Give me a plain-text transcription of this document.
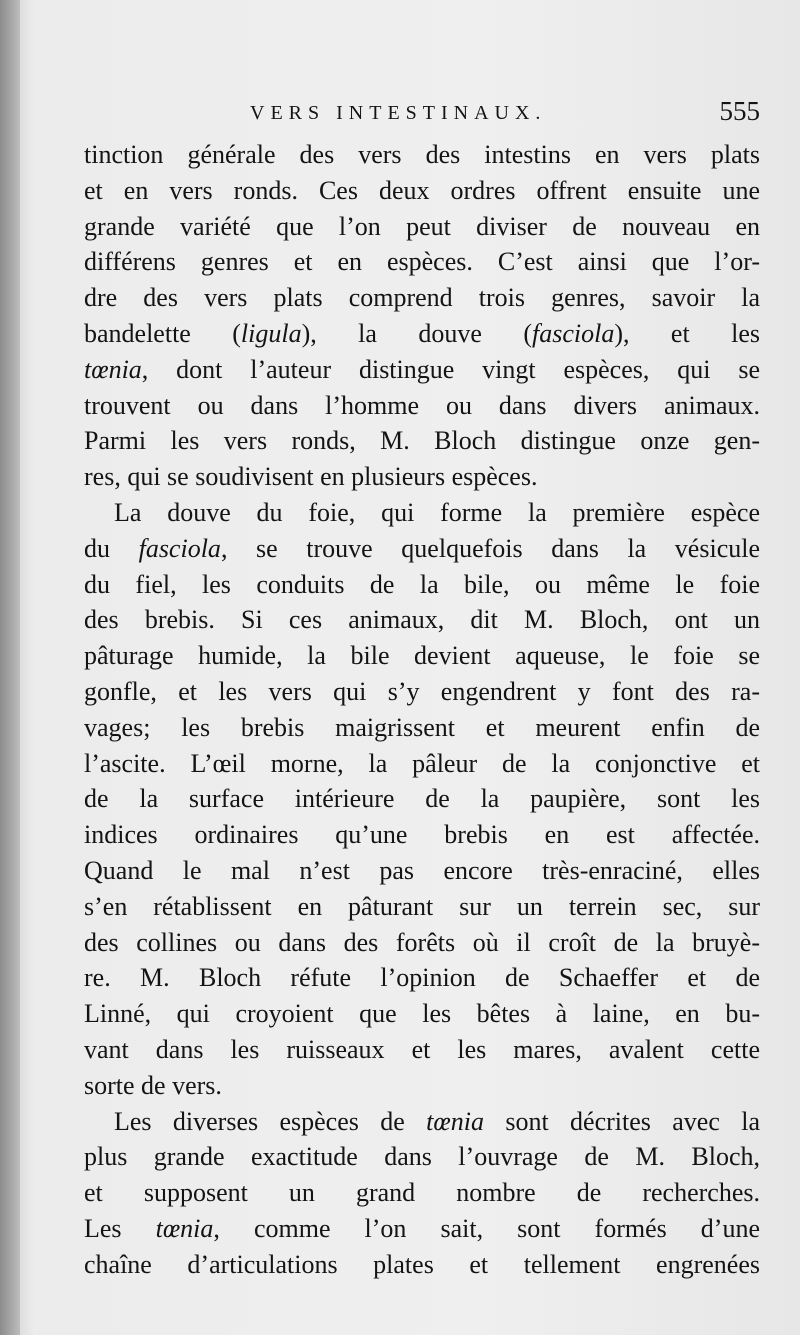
VERS INTESTINAUX.	555
tinction générale des vers des intestins en vers plats
et en vers ronds. Ces deux ordres offrent ensuite une
grande variété que l’on peut diviser de nouveau en
différens genres et en espèces. C’est ainsi que l’or-
dre des vers plats comprend trois genres, savoir la
bandelette (ligula), la douve (fasciola), et les
tœnia, dont l’auteur distingue vingt espèces, qui se
trouvent ou dans l’homme ou dans divers animaux.
Parmi les vers ronds, M. Bloch distingue onze gen-
res, qui se soudivisent en plusieurs espèces.
La douve du foie, qui forme la première espèce
du fasciola, se trouve quelquefois dans la vésicule
du fiel, les conduits de la bile, ou même le foie
des brebis. Si ces animaux, dit M. Bloch, ont un
pâturage humide, la bile devient aqueuse, le foie se
gonfle, et les vers qui s’y engendrent y font des ra-
vages; les brebis maigrissent et meurent enfin de
l’ascite. L’œil morne, la pâleur de la conjonctive et
de la surface intérieure de la paupière, sont les
indices ordinaires qu’une brebis en est affectée.
Quand le mal n’est pas encore très-enraciné, elles
s’en rétablissent en pâturant sur un terrein sec, sur
des collines ou dans des forêts où il croît de la bruyè-
re. M. Bloch réfute l’opinion de Schaeffer et de
Linné, qui croyoient que les bêtes à laine, en bu-
vant dans les ruisseaux et les mares, avalent cette
sorte de vers.
Les diverses espèces de tœnia sont décrites avec la
plus grande exactitude dans l’ouvrage de M. Bloch,
et supposent un grand nombre de recherches.
Les tœnia, comme l’on sait, sont formés d’une
chaîne d’articulations plates et tellement engrenées
